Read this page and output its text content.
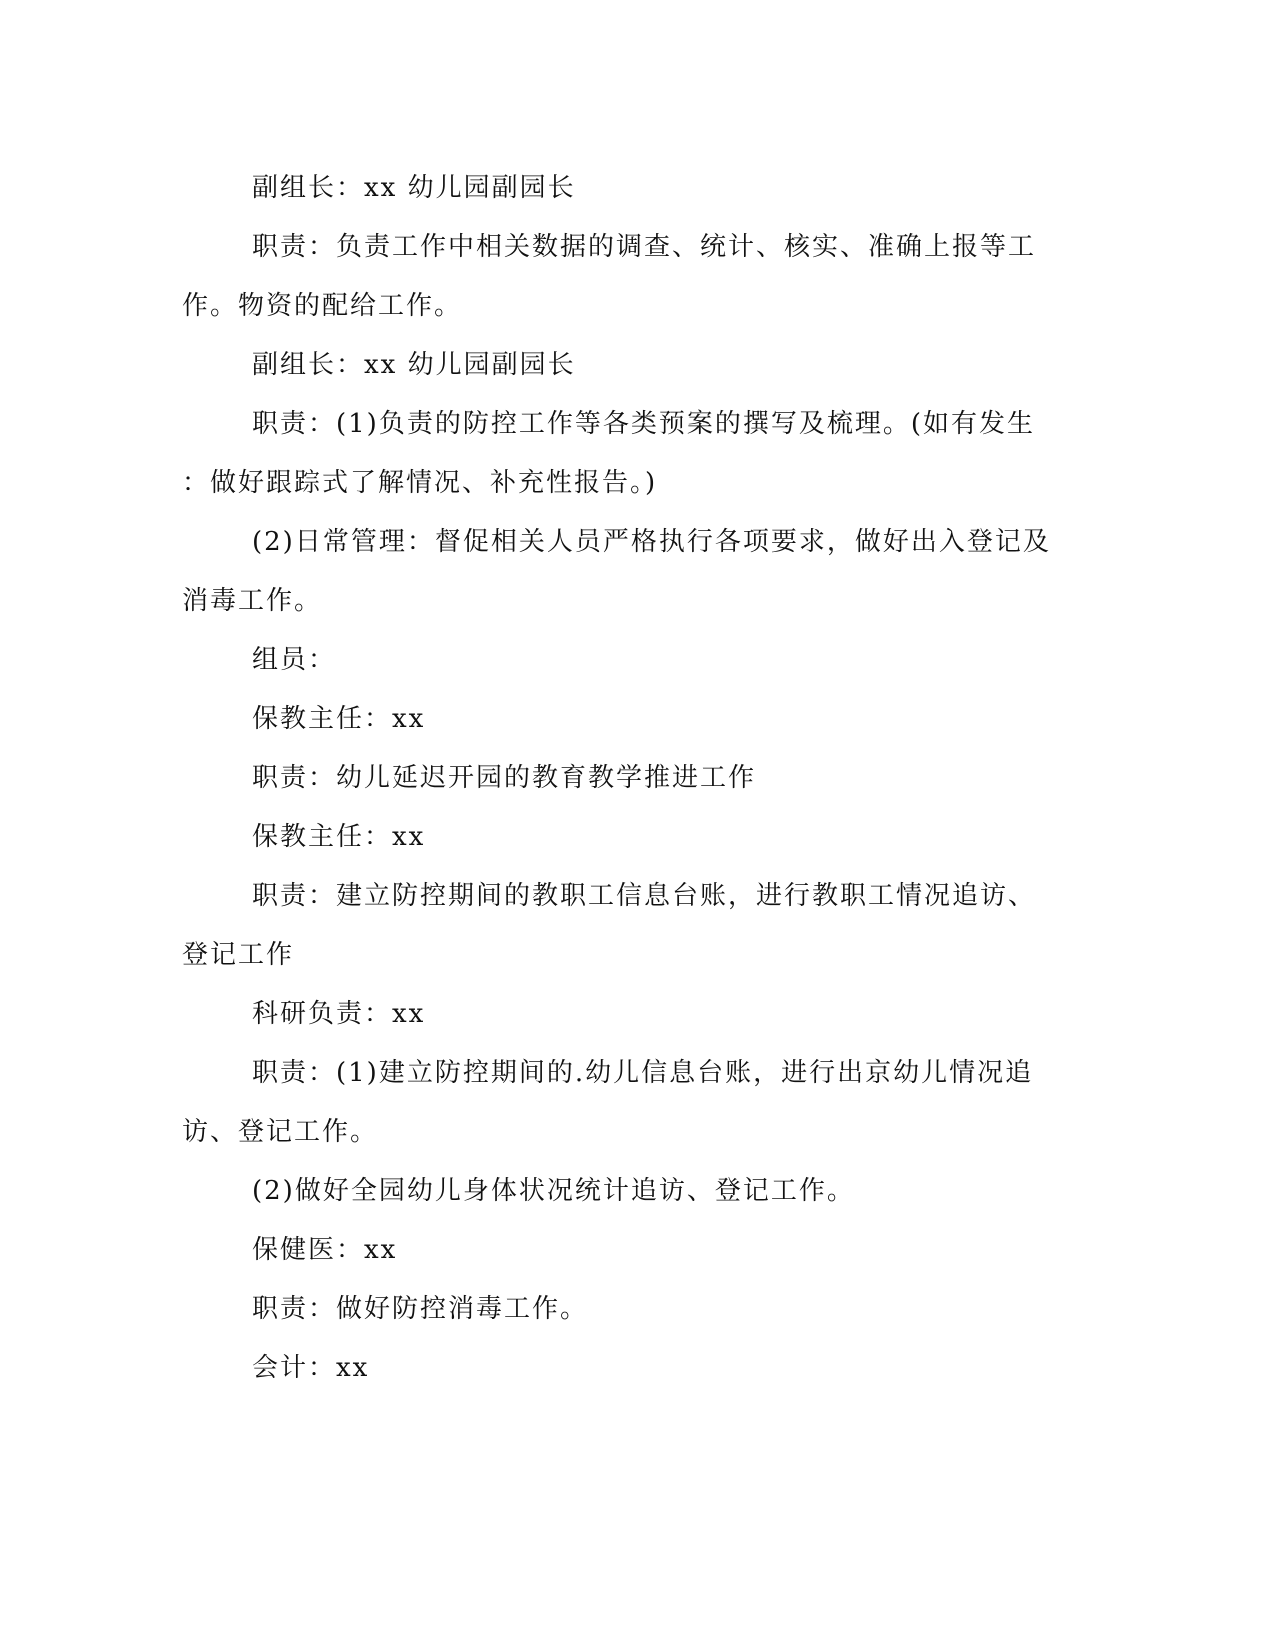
副组长：xx 幼儿园副园长

职责：负责工作中相关数据的调查、统计、核实、准确上报等工

作。物资的配给工作。

副组长：xx 幼儿园副园长

职责：(1)负责的防控工作等各类预案的撰写及梳理。(如有发生

：做好跟踪式了解情况、补充性报告。)

(2)日常管理：督促相关人员严格执行各项要求，做好出入登记及

消毒工作。

组员：

保教主任：xx

职责：幼儿延迟开园的教育教学推进工作

保教主任：xx

职责：建立防控期间的教职工信息台账，进行教职工情况追访、

登记工作

科研负责：xx

职责：(1)建立防控期间的.幼儿信息台账，进行出京幼儿情况追

访、登记工作。

(2)做好全园幼儿身体状况统计追访、登记工作。

保健医：xx

职责：做好防控消毒工作。

会计：xx
